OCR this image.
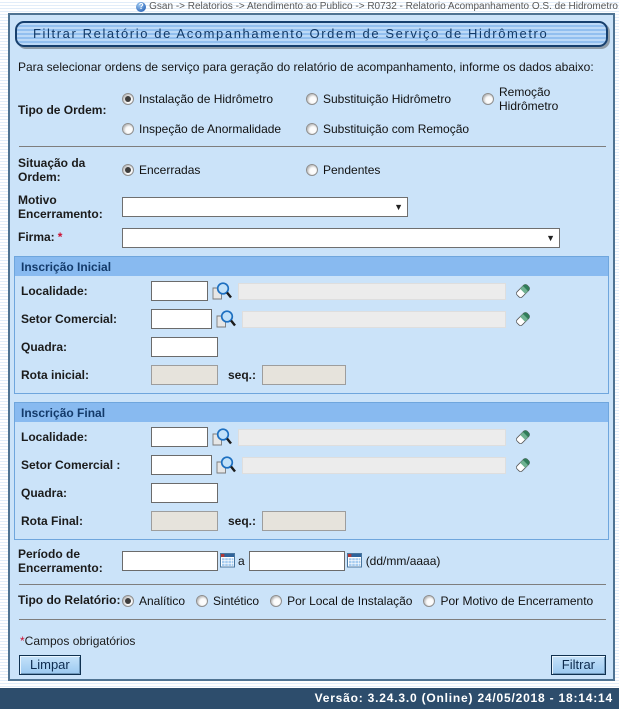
? Gsan -> Relatorios -> Atendimento ao Publico -> R0732 - Relatorio Acompanhamento O.S. de Hidrometro
Filtrar Relatório de Acompanhamento Ordem de Serviço de Hidrômetro
Para selecionar ordens de serviço para geração do relatório de acompanhamento, informe os dados abaixo:
Tipo de Ordem:
Instalação de Hidrômetro	Substituição Hidrômetro	Remoção Hidrômetro
Inspeção de Anormalidade	Substituição com Remoção
Situação da Ordem:	Encerradas	Pendentes
Motivo Encerramento:	▼
Firma: *	▼
Inscrição Inicial
Localidade:
Setor Comercial:
Quadra:
Rota inicial:	seq.:
Inscrição Final
Localidade:
Setor Comercial :
Quadra:
Rota Final:	seq.:
Período de Encerramento:	a	(dd/mm/aaaa)
Tipo do Relatório: Analítico Sintético Por Local de Instalação Por Motivo de Encerramento
*Campos obrigatórios
Limpar	Filtrar
Versão: 3.24.3.0 (Online) 24/05/2018 - 18:14:14
